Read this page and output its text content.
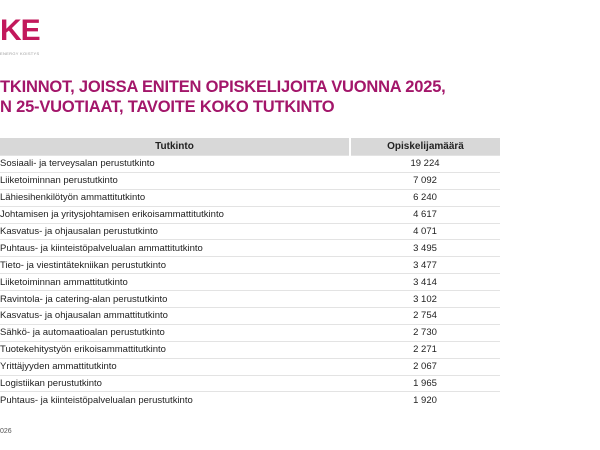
KE
ENERGY KOISTYS
TKINNOT, JOISSA ENITEN OPISKELIJOITA VUONNA 2025,
N 25-VUOTIAAT, TAVOITE KOKO TUTKINTO
Tutkinto	Opiskelijamäärä
Sosiaali- ja terveysalan perustutkinto	19 224
Liiketoiminnan perustutkinto	7 092
Lähiesihenkilötyön ammattitutkinto	6 240
Johtamisen ja yritysjohtamisen erikoisammattitutkinto	4 617
Kasvatus- ja ohjausalan perustutkinto	4 071
Puhtaus- ja kiinteistöpalvelualan ammattitutkinto	3 495
Tieto- ja viestintätekniikan perustutkinto	3 477
Liiketoiminnan ammattitutkinto	3 414
Ravintola- ja catering-alan perustutkinto	3 102
Kasvatus- ja ohjausalan ammattitutkinto	2 754
Sähkö- ja automaatioalan perustutkinto	2 730
Tuotekehitystyön erikoisammattitutkinto	2 271
Yrittäjyyden ammattitutkinto	2 067
Logistiikan perustutkinto	1 965
Puhtaus- ja kiinteistöpalvelualan perustutkinto	1 920
026
